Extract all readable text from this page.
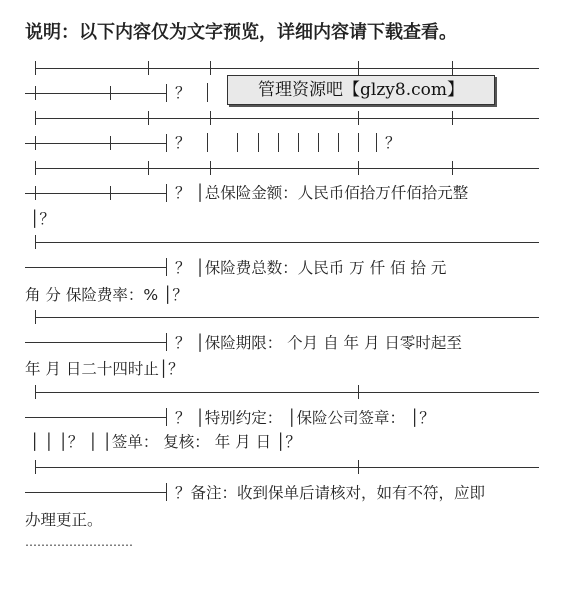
说明：以下内容仅为文字预览，详细内容请下载查看。
？
？	？
？ │总保险金额：人民币佰拾万仟佰拾元整
│？
？ │保险费总数：人民币 万 仟 佰 拾 元
角 分 保险费率：% │？
？ │保险期限： 个月 自 年 月 日零时起至
年 月 日二十四时止│？
？ │特别约定： │保险公司签章： │？
│ │ │？ │ │签单： 复核： 年 月 日 │？
？备注：收到保单后请核对，如有不符，应即
办理更正。
管理资源吧【glzy8.com】
………………………
